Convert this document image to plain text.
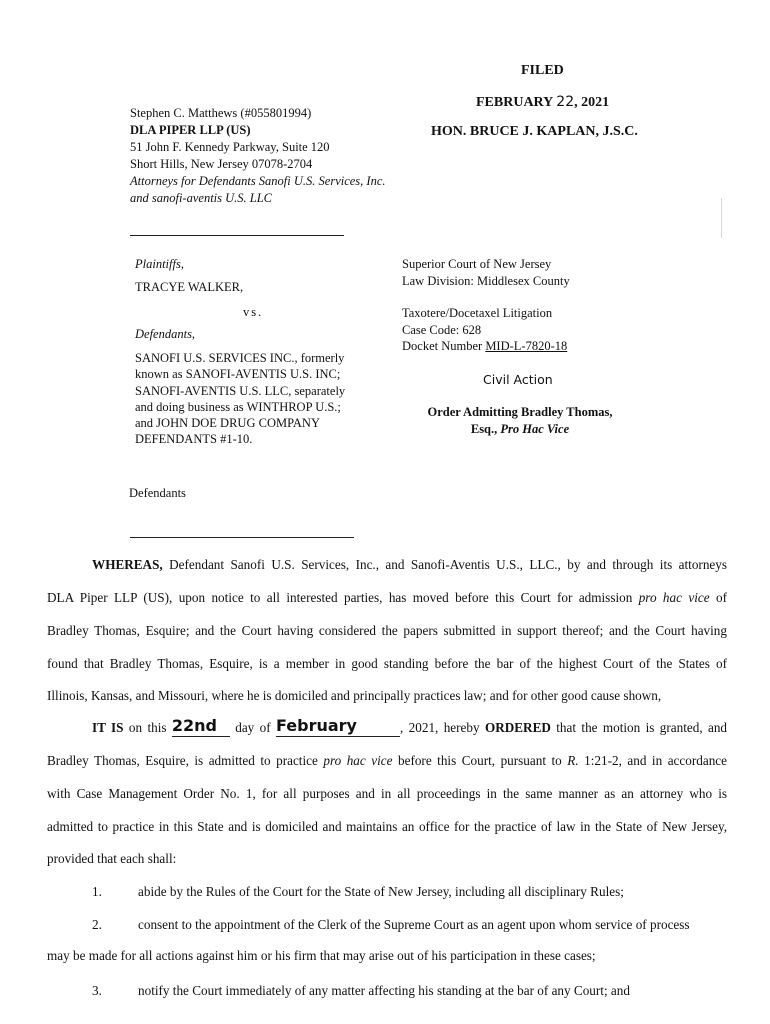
FILED
FEBRUARY 22, 2021
HON. BRUCE J. KAPLAN, J.S.C.
Stephen C. Matthews (#055801994)
DLA PIPER LLP (US)
51 John F. Kennedy Parkway, Suite 120
Short Hills, New Jersey 07078-2704
Attorneys for Defendants Sanofi U.S. Services, Inc.
and sanofi-aventis U.S. LLC
Plaintiffs,
TRACYE WALKER,
vs.
Defendants,
SANOFI U.S. SERVICES INC., formerly
known as SANOFI-AVENTIS U.S. INC;
SANOFI-AVENTIS U.S. LLC, separately
and doing business as WINTHROP U.S.;
and JOHN DOE DRUG COMPANY
DEFENDANTS #1-10.
Defendants
Superior Court of New Jersey
Law Division: Middlesex County
Taxotere/Docetaxel Litigation
Case Code: 628
Docket Number MID-L-7820-18
Civil Action
Order Admitting Bradley Thomas,
Esq., Pro Hac Vice
WHEREAS, Defendant Sanofi U.S. Services, Inc., and Sanofi-Aventis U.S., LLC., by and through its attorneys
DLA Piper LLP (US), upon notice to all interested parties, has moved before this Court for admission pro hac vice of
Bradley Thomas, Esquire; and the Court having considered the papers submitted in support thereof; and the Court having
found that Bradley Thomas, Esquire, is a member in good standing before the bar of the highest Court of the States of
Illinois, Kansas, and Missouri, where he is domiciled and principally practices law; and for other good cause shown,
IT IS on this 22nd day of February	, 2021, hereby ORDERED that the motion is granted, and
Bradley Thomas, Esquire, is admitted to practice pro hac vice before this Court, pursuant to R. 1:21-2, and in accordance
with Case Management Order No. 1, for all purposes and in all proceedings in the same manner as an attorney who is
admitted to practice in this State and is domiciled and maintains an office for the practice of law in the State of New Jersey,
provided that each shall:
1.	abide by the Rules of the Court for the State of New Jersey, including all disciplinary Rules;
2.	consent to the appointment of the Clerk of the Supreme Court as an agent upon whom service of process
may be made for all actions against him or his firm that may arise out of his participation in these cases;
3.	notify the Court immediately of any matter affecting his standing at the bar of any Court; and
